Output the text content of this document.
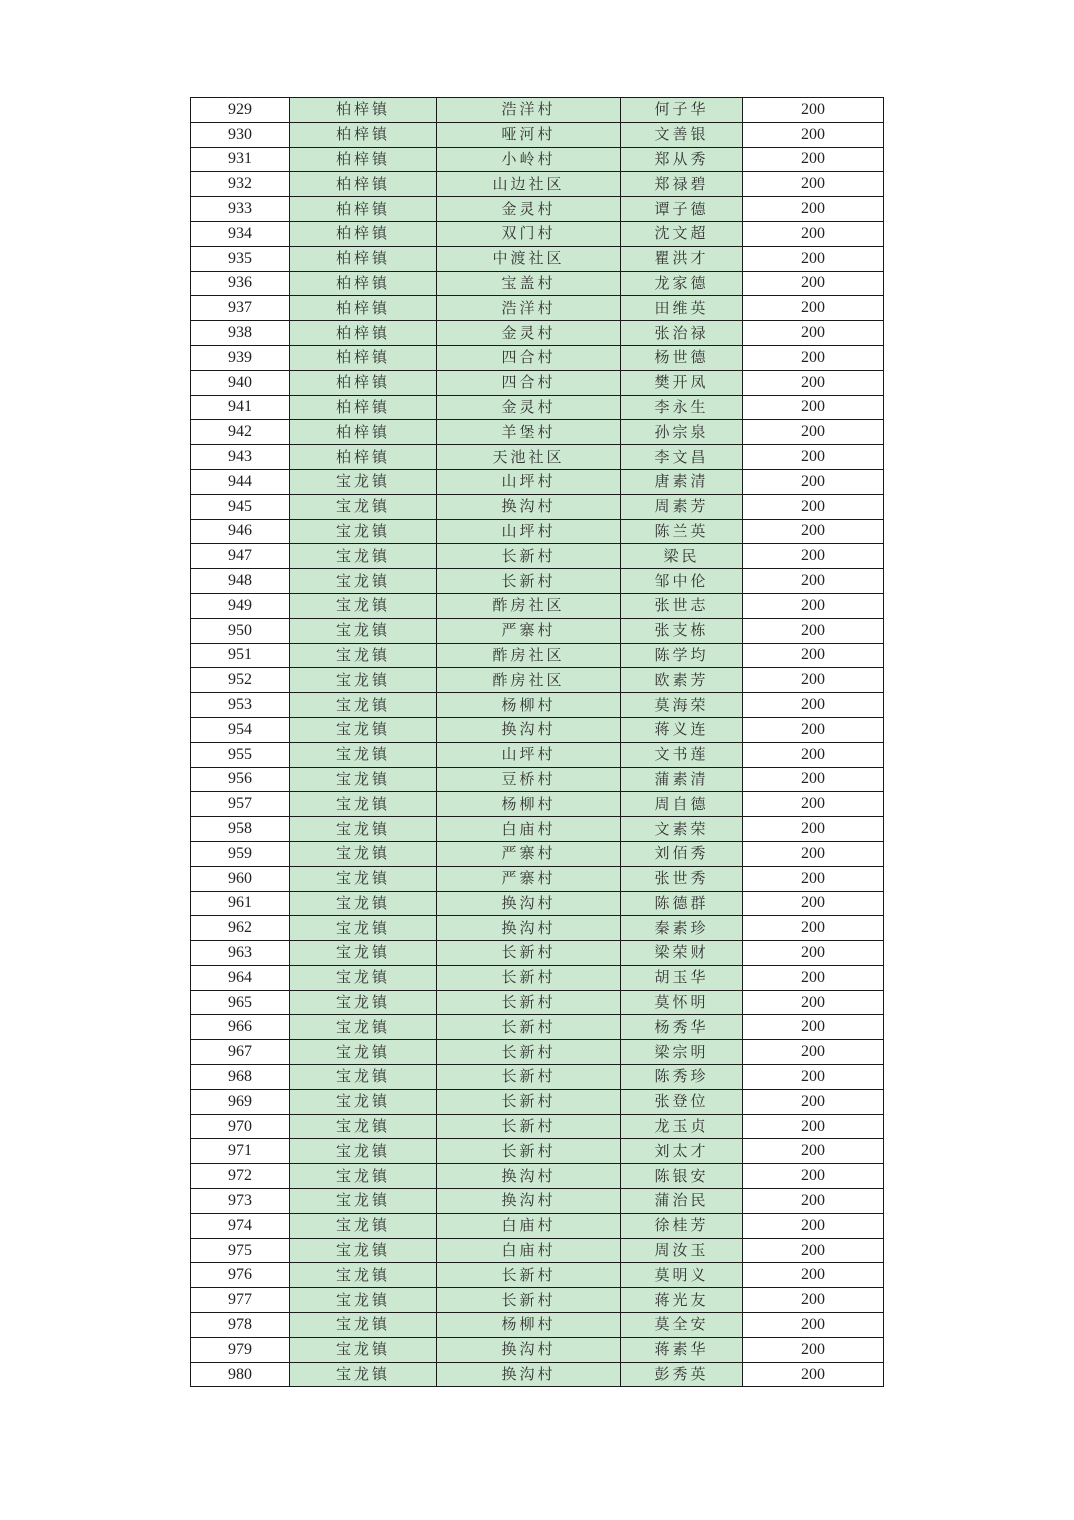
929	柏梓镇	浩洋村	何子华	200
930	柏梓镇	哑河村	文善银	200
931	柏梓镇	小岭村	郑从秀	200
932	柏梓镇	山边社区	郑禄碧	200
933	柏梓镇	金灵村	谭子德	200
934	柏梓镇	双门村	沈文超	200
935	柏梓镇	中渡社区	瞿洪才	200
936	柏梓镇	宝盖村	龙家德	200
937	柏梓镇	浩洋村	田维英	200
938	柏梓镇	金灵村	张治禄	200
939	柏梓镇	四合村	杨世德	200
940	柏梓镇	四合村	樊开凤	200
941	柏梓镇	金灵村	李永生	200
942	柏梓镇	羊堡村	孙宗泉	200
943	柏梓镇	天池社区	李文昌	200
944	宝龙镇	山坪村	唐素清	200
945	宝龙镇	换沟村	周素芳	200
946	宝龙镇	山坪村	陈兰英	200
947	宝龙镇	长新村	梁民	200
948	宝龙镇	长新村	邹中伦	200
949	宝龙镇	酢房社区	张世志	200
950	宝龙镇	严寨村	张支栋	200
951	宝龙镇	酢房社区	陈学均	200
952	宝龙镇	酢房社区	欧素芳	200
953	宝龙镇	杨柳村	莫海荣	200
954	宝龙镇	换沟村	蒋义连	200
955	宝龙镇	山坪村	文书莲	200
956	宝龙镇	豆桥村	蒲素清	200
957	宝龙镇	杨柳村	周自德	200
958	宝龙镇	白庙村	文素荣	200
959	宝龙镇	严寨村	刘佰秀	200
960	宝龙镇	严寨村	张世秀	200
961	宝龙镇	换沟村	陈德群	200
962	宝龙镇	换沟村	秦素珍	200
963	宝龙镇	长新村	梁荣财	200
964	宝龙镇	长新村	胡玉华	200
965	宝龙镇	长新村	莫怀明	200
966	宝龙镇	长新村	杨秀华	200
967	宝龙镇	长新村	梁宗明	200
968	宝龙镇	长新村	陈秀珍	200
969	宝龙镇	长新村	张登位	200
970	宝龙镇	长新村	龙玉贞	200
971	宝龙镇	长新村	刘太才	200
972	宝龙镇	换沟村	陈银安	200
973	宝龙镇	换沟村	蒲治民	200
974	宝龙镇	白庙村	徐桂芳	200
975	宝龙镇	白庙村	周汝玉	200
976	宝龙镇	长新村	莫明义	200
977	宝龙镇	长新村	蒋光友	200
978	宝龙镇	杨柳村	莫全安	200
979	宝龙镇	换沟村	蒋素华	200
980	宝龙镇	换沟村	彭秀英	200
